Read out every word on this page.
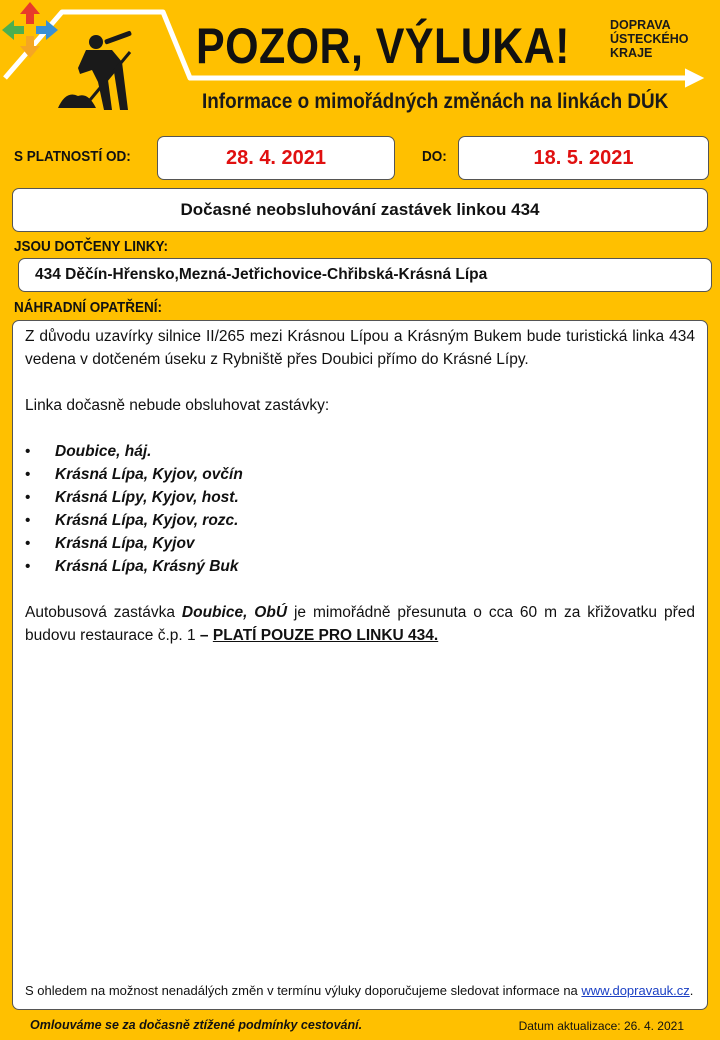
POZOR, VÝLUKA!
Informace o mimořádných změnách na linkách DÚK
DOPRAVA
ÚSTECKÉHO
KRAJE
S PLATNOSTÍ OD:	28. 4. 2021	DO:	18. 5. 2021
Dočasné neobsluhování zastávek linkou 434
JSOU DOTČENY LINKY:
434 Děčín-Hřensko,Mezná-Jetřichovice-Chřibská-Krásná Lípa
NÁHRADNÍ OPATŘENÍ:

Z důvodu uzavírky silnice II/265 mezi Krásnou Lípou a Krásným Bukem bude turistická linka 434 vedena v dotčeném úseku z Rybniště přes Doubici přímo do Krásné Lípy.

Linka dočasně nebude obsluhovat zastávky:

•	Doubice, háj.
•	Krásná Lípa, Kyjov, ovčín
•	Krásná Lípy, Kyjov, host.
•	Krásná Lípa, Kyjov, rozc.
•	Krásná Lípa, Kyjov
•	Krásná Lípa, Krásný Buk

Autobusová zastávka Doubice, ObÚ je mimořádně přesunuta o cca 60 m za křižovatku před budovu restaurace č.p. 1 – PLATÍ POUZE PRO LINKU 434.

S ohledem na možnost nenadálých změn v termínu výluky doporučujeme sledovat informace na www.dopravauk.cz.
Omlouváme se za dočasně ztížené podmínky cestování.	Datum aktualizace: 26. 4. 2021
